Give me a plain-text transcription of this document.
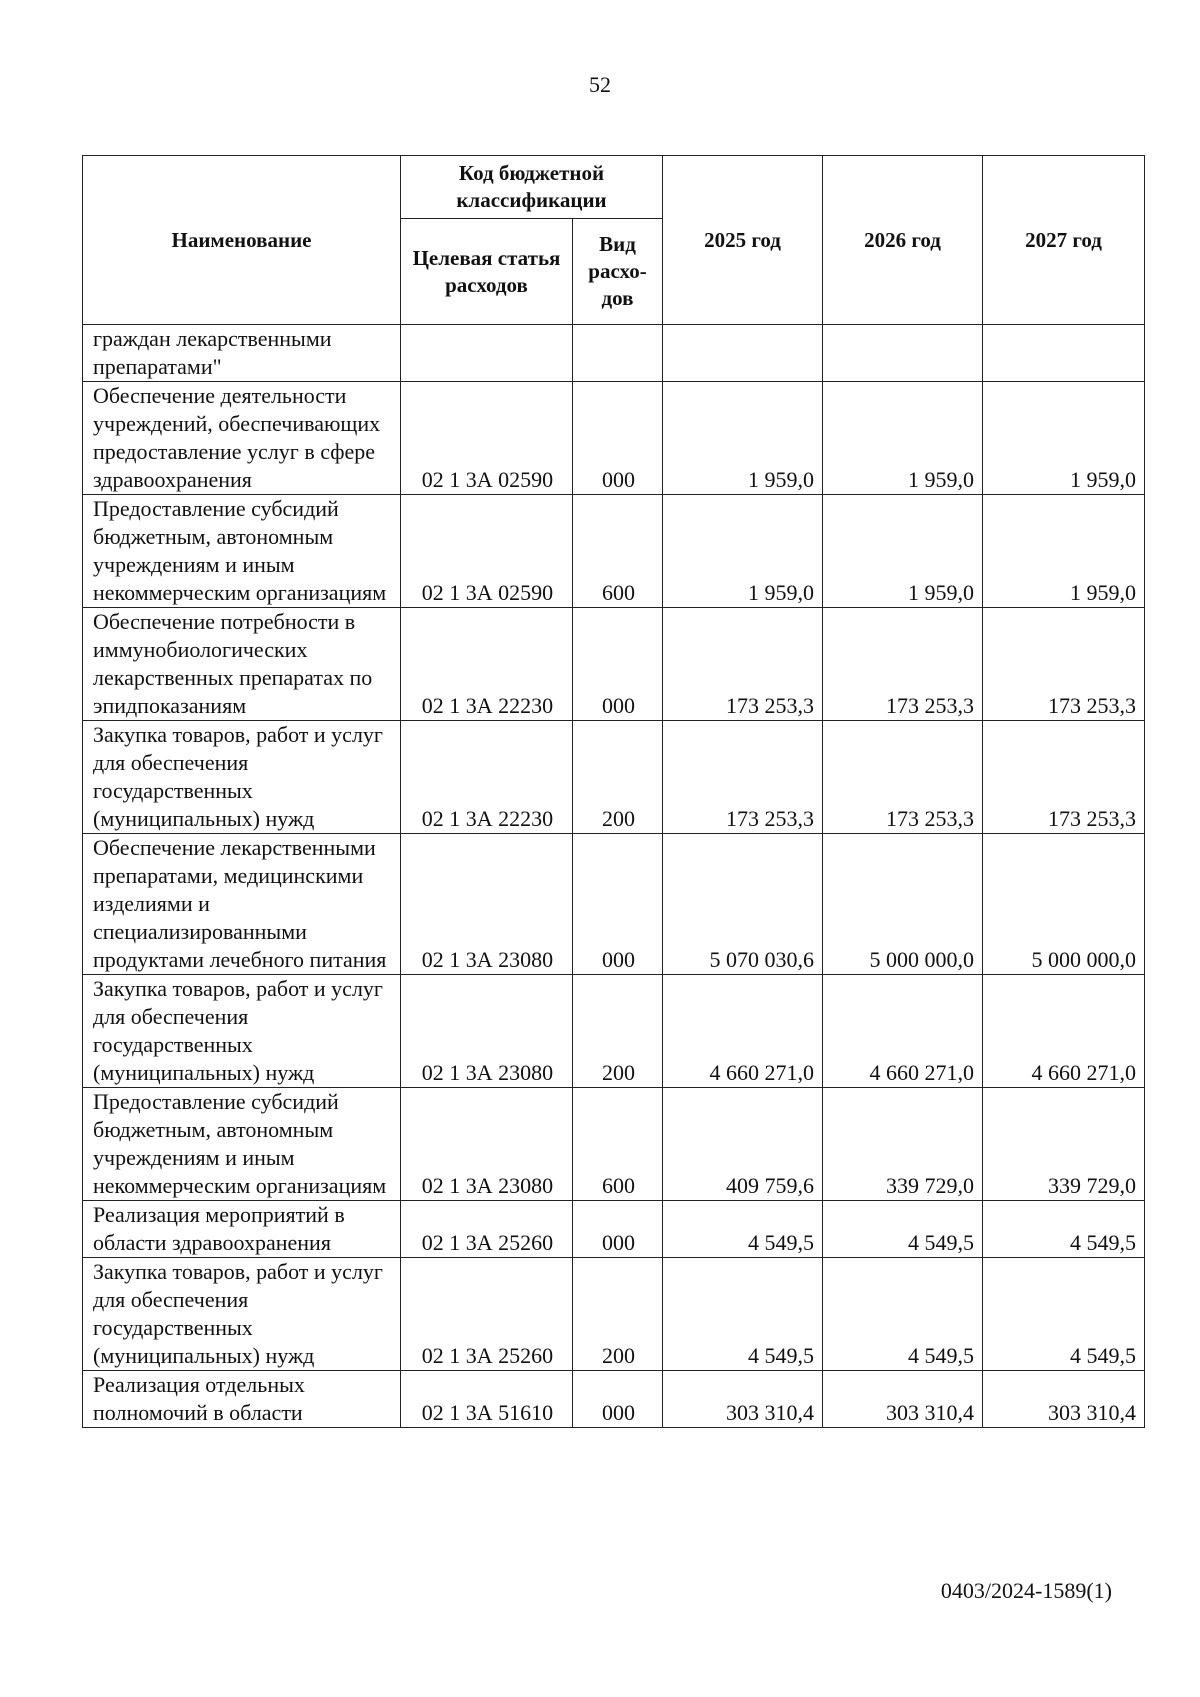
52
Наименование	Код бюджетной классификации		2025 год	2026 год	2027 год
	Целевая статья расходов	Вид расхо-дов			
граждан лекарственными препаратами"					
Обеспечение деятельности учреждений, обеспечивающих предоставление услуг в сфере здравоохранения	02 1 3А 02590	000	1 959,0	1 959,0	1 959,0
Предоставление субсидий бюджетным, автономным учреждениям и иным некоммерческим организациям	02 1 3А 02590	600	1 959,0	1 959,0	1 959,0
Обеспечение потребности в иммунобиологических лекарственных препаратах по эпидпоказаниям	02 1 3А 22230	000	173 253,3	173 253,3	173 253,3
Закупка товаров, работ и услуг для обеспечения государственных (муниципальных) нужд	02 1 3А 22230	200	173 253,3	173 253,3	173 253,3
Обеспечение лекарственными препаратами, медицинскими изделиями и специализированными продуктами лечебного питания	02 1 3А 23080	000	5 070 030,6	5 000 000,0	5 000 000,0
Закупка товаров, работ и услуг для обеспечения государственных (муниципальных) нужд	02 1 3А 23080	200	4 660 271,0	4 660 271,0	4 660 271,0
Предоставление субсидий бюджетным, автономным учреждениям и иным некоммерческим организациям	02 1 3А 23080	600	409 759,6	339 729,0	339 729,0
Реализация мероприятий в области здравоохранения	02 1 3А 25260	000	4 549,5	4 549,5	4 549,5
Закупка товаров, работ и услуг для обеспечения государственных (муниципальных) нужд	02 1 3А 25260	200	4 549,5	4 549,5	4 549,5
Реализация отдельных полномочий в области	02 1 3А 51610	000	303 310,4	303 310,4	303 310,4
0403/2024-1589(1)
